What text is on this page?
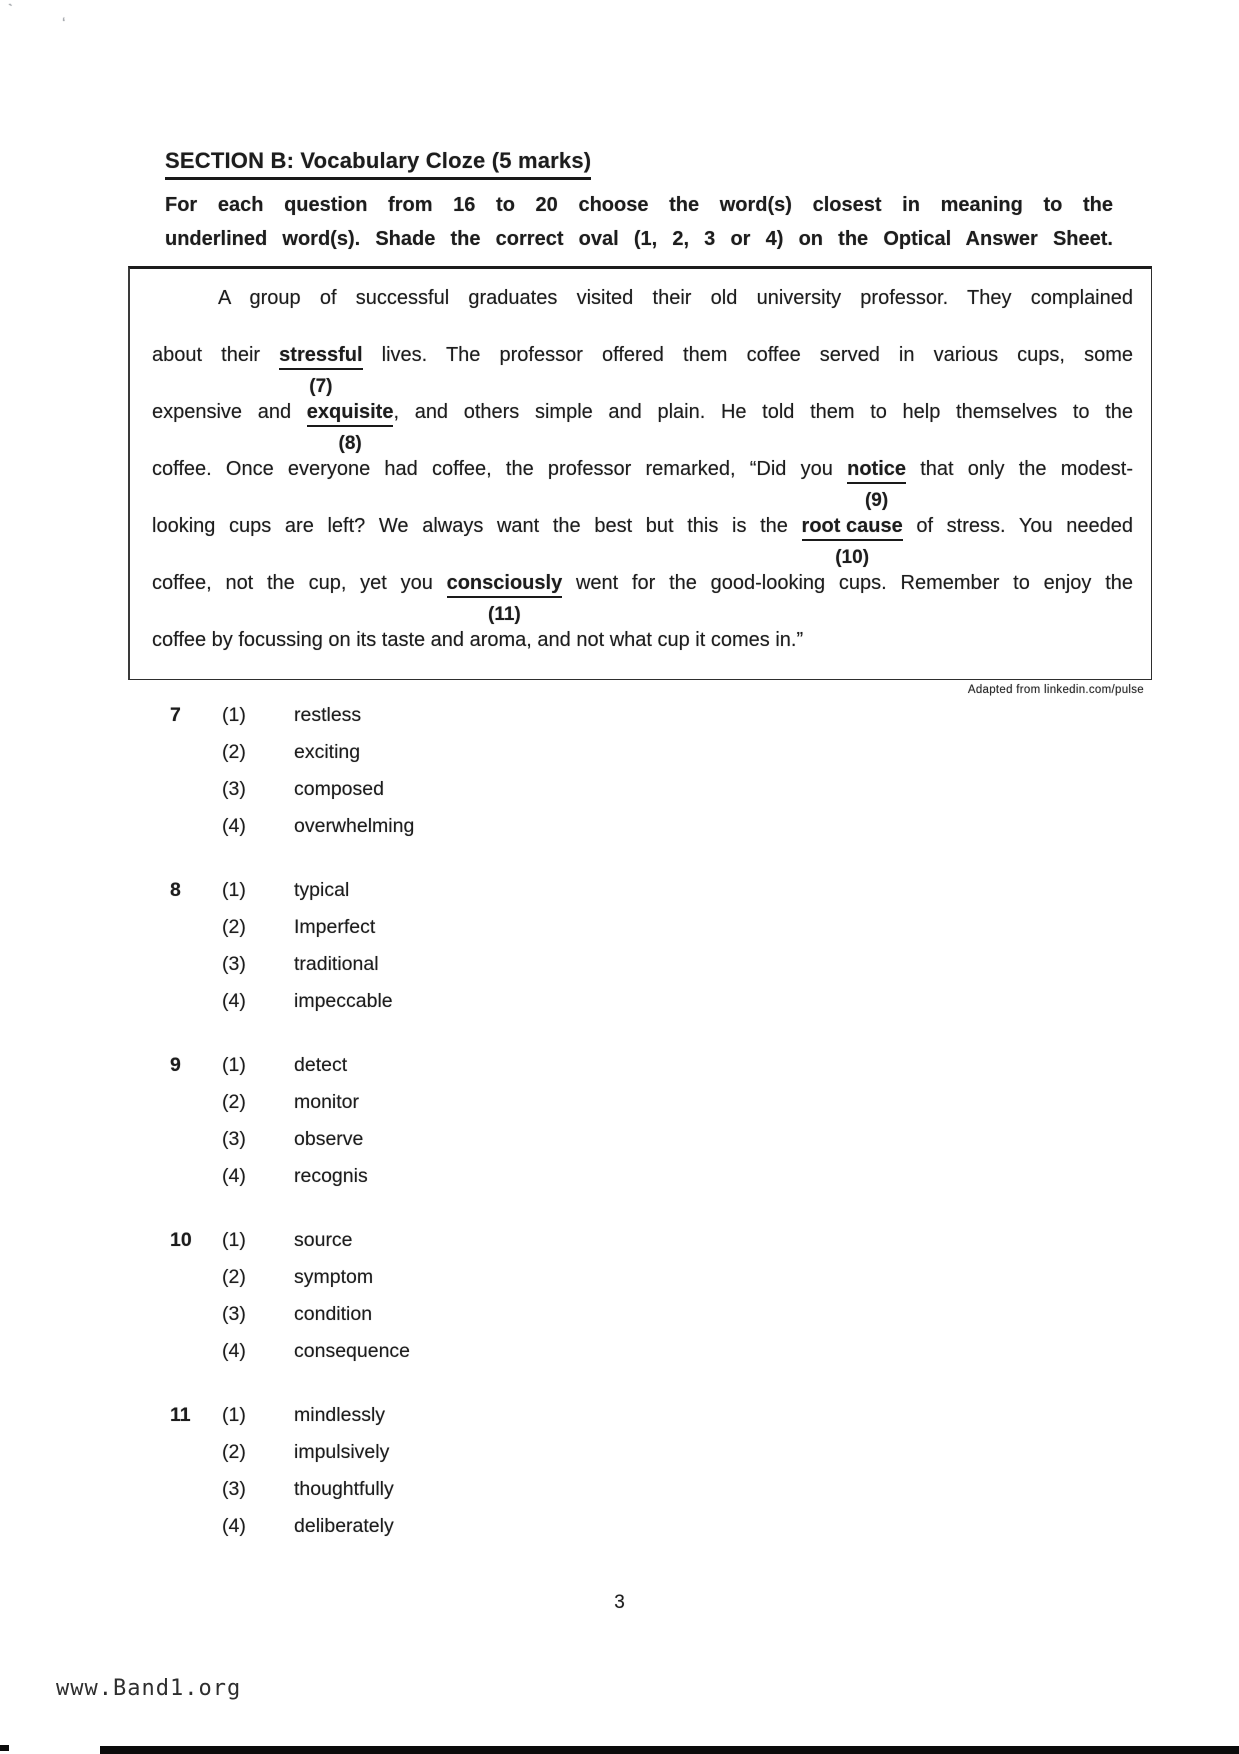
ˋ
ʻ
SECTION B: Vocabulary Cloze (5 marks)
For each question from 16 to 20 choose the word(s) closest in meaning to the
underlined word(s). Shade the correct oval (1, 2, 3 or 4) on the Optical Answer Sheet.
A group of successful graduates visited their old university professor. They complained
about their stressful
(7)
lives. The professor offered them coffee served in various cups, some
expensive and exquisite
(8)
, and others simple and plain. He told them to help themselves to the
coffee. Once everyone had coffee, the professor remarked, “Did you notice
(9)
that only the modest-
looking cups are left? We always want the best but this is the root cause
(10)
of stress. You needed
coffee, not the cup, yet you consciously
(11)
went for the good-looking cups. Remember to enjoy the
coffee by focussing on its taste and aroma, and not what cup it comes in.”
Adapted from linkedin.com/pulse
7	(1)	restless
(2)	exciting
(3)	composed
(4)	overwhelming
8	(1)	typical
(2)	Imperfect
(3)	traditional
(4)	impeccable
9	(1)	detect
(2)	monitor
(3)	observe
(4)	recognis
10	(1)	source
(2)	symptom
(3)	condition
(4)	consequence
11	(1)	mindlessly
(2)	impulsively
(3)	thoughtfully
(4)	deliberately
3
www.Band1.org
